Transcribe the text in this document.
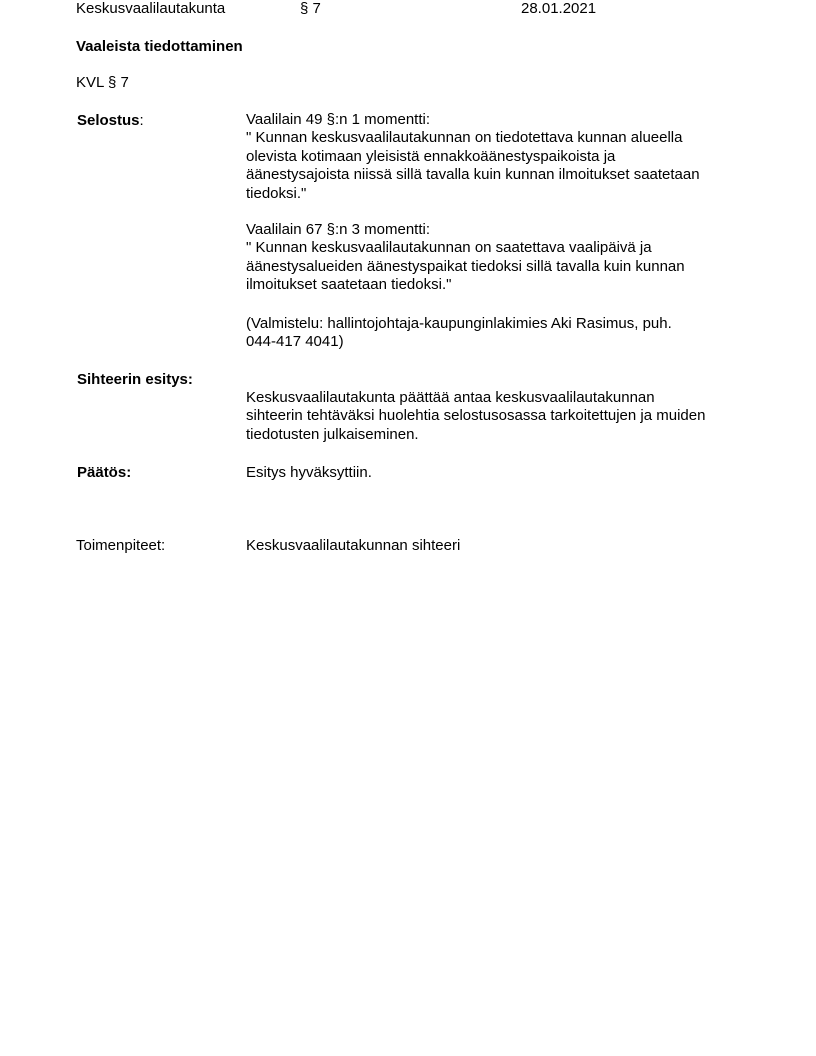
Keskusvaalilautakunta	§ 7	28.01.2021
Vaaleista tiedottaminen
KVL § 7
Selostus:	Vaalilain 49 §:n 1 momentti:
" Kunnan keskusvaalilautakunnan on tiedotettava kunnan alueella
olevista kotimaan yleisistä ennakkoäänestyspaikoista ja
äänestysajoista niissä sillä tavalla kuin kunnan ilmoitukset saatetaan
tiedoksi."
Vaalilain 67 §:n 3 momentti:
" Kunnan keskusvaalilautakunnan on saatettava vaalipäivä ja
äänestysalueiden äänestyspaikat tiedoksi sillä tavalla kuin kunnan
ilmoitukset saatetaan tiedoksi."
(Valmistelu: hallintojohtaja-kaupunginlakimies Aki Rasimus, puh.
044-417 4041)
Sihteerin esitys:
Keskusvaalilautakunta päättää antaa keskusvaalilautakunnan
sihteerin tehtäväksi huolehtia selostusosassa tarkoitettujen ja muiden
tiedotusten julkaiseminen.
Päätös:	Esitys hyväksyttiin.
Toimenpiteet:	Keskusvaalilautakunnan sihteeri
